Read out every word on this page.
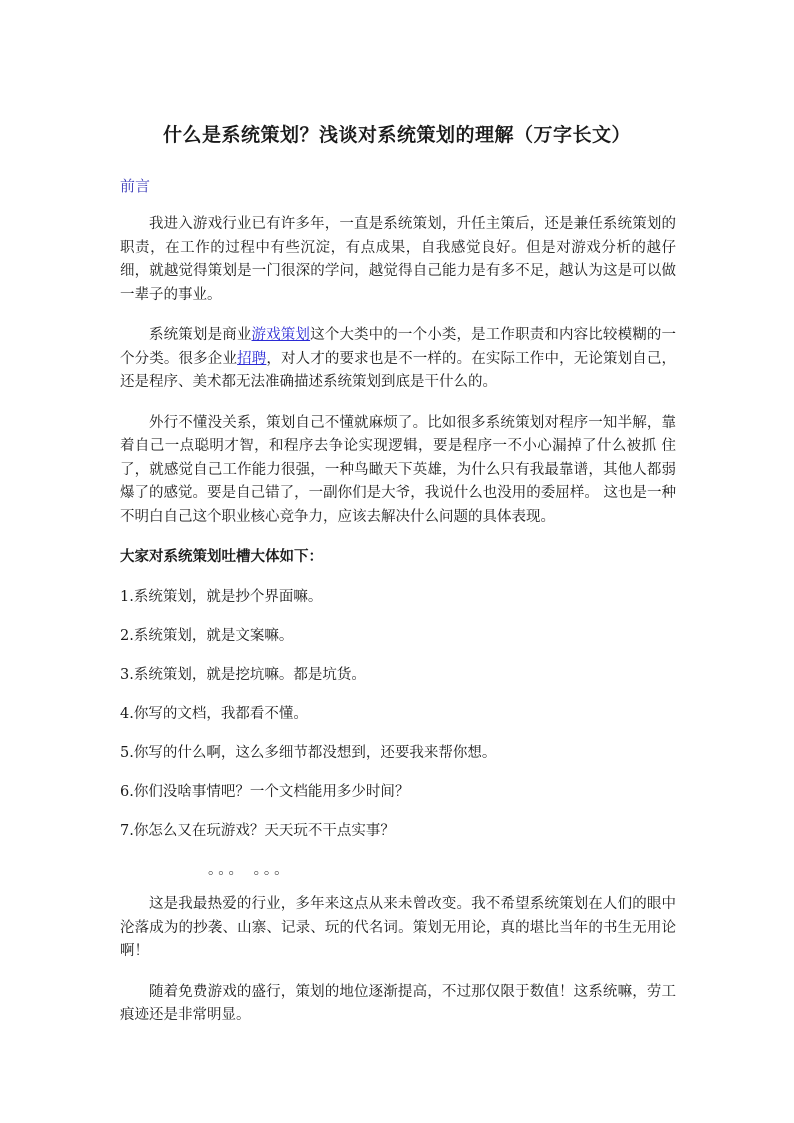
什么是系统策划？浅谈对系统策划的理解（万字长文）
前言

我进入游戏行业已有许多年，一直是系统策划，升任主策后，还是兼任系统策划的职责，在工作的过程中有些沉淀，有点成果，自我感觉良好。但是对游戏分析的越仔细，就越觉得策划是一门很深的学问，越觉得自己能力是有多不足，越认为这是可以做一辈子的事业。

系统策划是商业游戏策划这个大类中的一个小类，是工作职责和内容比较模糊的一个分类。很多企业招聘，对人才的要求也是不一样的。在实际工作中，无论策划自己，还是程序、美术都无法准确描述系统策划到底是干什么的。

外行不懂没关系，策划自己不懂就麻烦了。比如很多系统策划对程序一知半解，靠着自己一点聪明才智，和程序去争论实现逻辑，要是程序一不小心漏掉了什么被抓 住了，就感觉自己工作能力很强，一种鸟瞰天下英雄，为什么只有我最靠谱，其他人都弱爆了的感觉。要是自己错了，一副你们是大爷，我说什么也没用的委屈样。 这也是一种不明白自己这个职业核心竞争力，应该去解决什么问题的具体表现。

大家对系统策划吐槽大体如下：
1.系统策划，就是抄个界面嘛。
2.系统策划，就是文案嘛。
3.系统策划，就是挖坑嘛。都是坑货。
4.你写的文档，我都看不懂。
5.你写的什么啊，这么多细节都没想到，还要我来帮你想。
6.你们没啥事情吧？一个文档能用多少时间？
7.你怎么又在玩游戏？天天玩不干点实事？
。。。 。。。

这是我最热爱的行业，多年来这点从来未曾改变。我不希望系统策划在人们的眼中沦落成为的抄袭、山寨、记录、玩的代名词。策划无用论，真的堪比当年的书生无用论啊！

随着免费游戏的盛行，策划的地位逐渐提高，不过那仅限于数值！这系统嘛，劳工痕迹还是非常明显。
